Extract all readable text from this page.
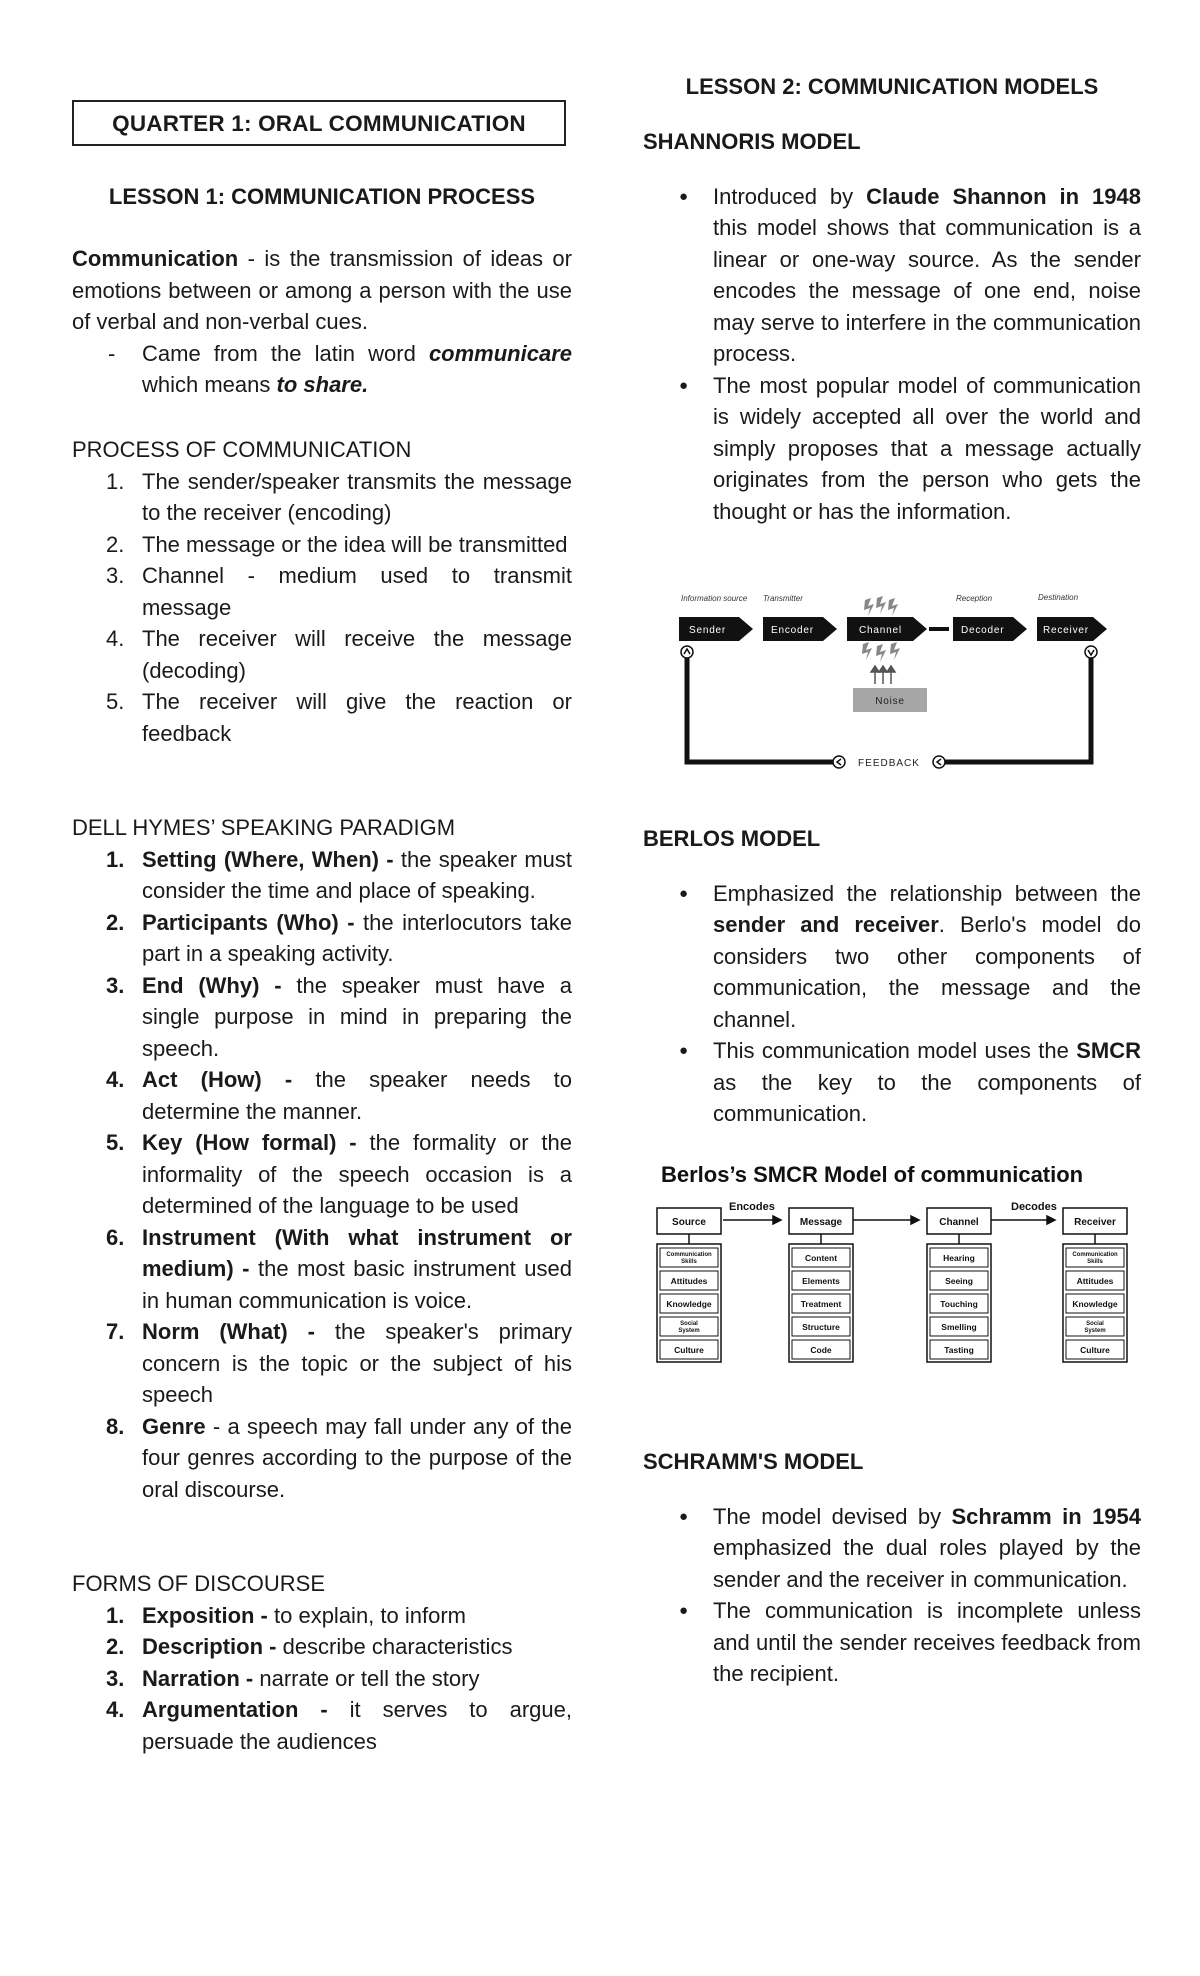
QUARTER 1: ORAL COMMUNICATION

LESSON 1: COMMUNICATION PROCESS

Communication - is the transmission of ideas or emotions between or among a person with the use of verbal and non-verbal cues.

- Came from the latin word communicare which means to share.

PROCESS OF COMMUNICATION

1. The sender/speaker transmits the message to the receiver (encoding)
2. The message or the idea will be transmitted
3. Channel - medium used to transmit message
4. The receiver will receive the message (decoding)
5. The receiver will give the reaction or feedback

DELL HYMES’ SPEAKING PARADIGM

1. Setting (Where, When) - the speaker must consider the time and place of speaking.
2. Participants (Who) - the interlocutors take part in a speaking activity.
3. End (Why) - the speaker must have a single purpose in mind in preparing the speech.
4. Act (How) - the speaker needs to determine the manner.
5. Key (How formal) - the formality or the informality of the speech occasion is a determined of the language to be used
6. Instrument (With what instrument or medium) - the most basic instrument used in human communication is voice.
7. Norm (What) - the speaker's primary concern is the topic or the subject of his speech
8. Genre - a speech may fall under any of the four genres according to the purpose of the oral discourse.

FORMS OF DISCOURSE

1. Exposition - to explain, to inform
2. Description - describe characteristics
3. Narration - narrate or tell the story
4. Argumentation - it serves to argue, persuade the audiences

LESSON 2: COMMUNICATION MODELS

SHANNORIS MODEL

● Introduced by Claude Shannon in 1948 this model shows that communication is a linear or one-way source. As the sender encodes the message of one end, noise may serve to interfere in the communication process.
● The most popular model of communication is widely accepted all over the world and simply proposes that a message actually originates from the person who gets the thought or has the information.
Information source Transmitter	Reception	Destination
Sender	Encoder	Channel	Decoder	Receiver
Noise
FEEDBACK

BERLOS MODEL

● Emphasized the relationship between the sender and receiver. Berlo's model do considers two other components of communication, the message and the channel.
● This communication model uses the SMCR as the key to the components of communication.
Berlos’s SMCR Model of communication
Encodes	Decodes
Source
Communication Skills
Attitudes
Knowledge
Social System
Culture
Message
Content
Elements
Treatment
Structure
Code
Channel
Hearing
Seeing
Touching
Smelling
Tasting
Receiver
Communication Skills
Attitudes
Knowledge
Social System
Culture

SCHRAMM'S MODEL

● The model devised by Schramm in 1954 emphasized the dual roles played by the sender and the receiver in communication.
● The communication is incomplete unless and until the sender receives feedback from the recipient.
